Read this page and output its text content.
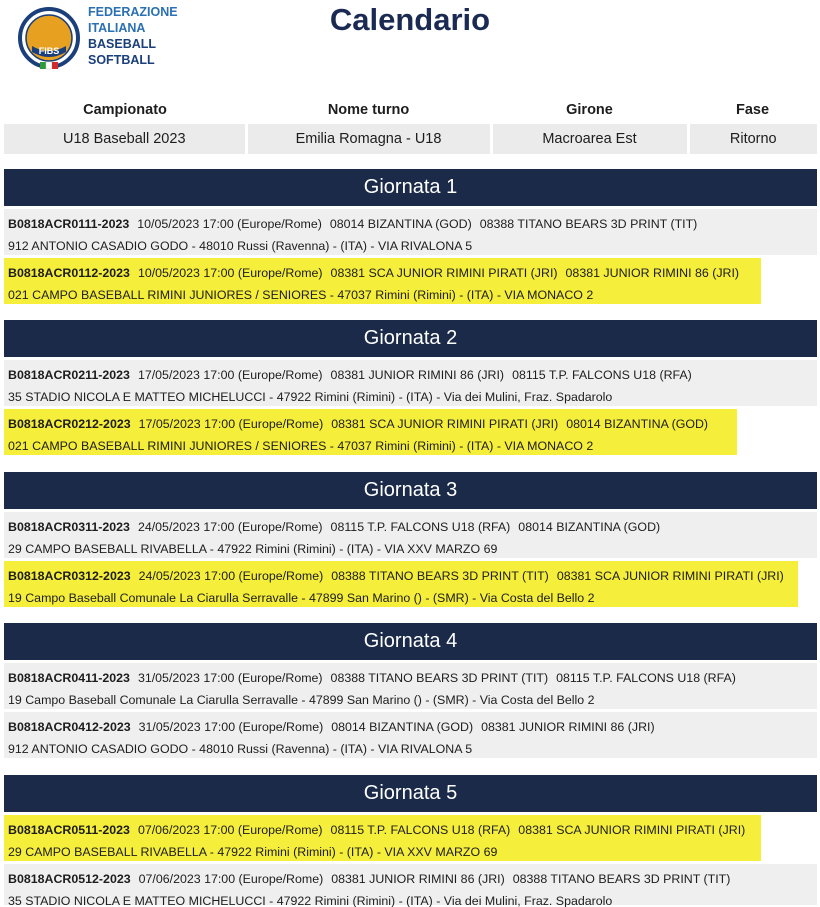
FIBS
FEDERAZIONE
ITALIANA
BASEBALL
SOFTBALL
Calendario
Campionato	Nome turno	Girone	Fase
U18 Baseball 2023	Emilia Romagna - U18	Macroarea Est	Ritorno
Giornata 1
B0818ACR0111-2023 10/05/2023 17:00 (Europe/Rome) 08014 BIZANTINA (GOD) 08388 TITANO BEARS 3D PRINT (TIT)
912 ANTONIO CASADIO GODO - 48010 Russi (Ravenna) - (ITA) - VIA RIVALONA 5
B0818ACR0112-2023 10/05/2023 17:00 (Europe/Rome) 08381 SCA JUNIOR RIMINI PIRATI (JRI) 08381 JUNIOR RIMINI 86 (JRI)
021 CAMPO BASEBALL RIMINI JUNIORES / SENIORES - 47037 Rimini (Rimini) - (ITA) - VIA MONACO 2
Giornata 2
B0818ACR0211-2023 17/05/2023 17:00 (Europe/Rome) 08381 JUNIOR RIMINI 86 (JRI) 08115 T.P. FALCONS U18 (RFA)
35 STADIO NICOLA E MATTEO MICHELUCCI - 47922 Rimini (Rimini) - (ITA) - Via dei Mulini, Fraz. Spadarolo
B0818ACR0212-2023 17/05/2023 17:00 (Europe/Rome) 08381 SCA JUNIOR RIMINI PIRATI (JRI) 08014 BIZANTINA (GOD)
021 CAMPO BASEBALL RIMINI JUNIORES / SENIORES - 47037 Rimini (Rimini) - (ITA) - VIA MONACO 2
Giornata 3
B0818ACR0311-2023 24/05/2023 17:00 (Europe/Rome) 08115 T.P. FALCONS U18 (RFA) 08014 BIZANTINA (GOD)
29 CAMPO BASEBALL RIVABELLA - 47922 Rimini (Rimini) - (ITA) - VIA XXV MARZO 69
B0818ACR0312-2023 24/05/2023 17:00 (Europe/Rome) 08388 TITANO BEARS 3D PRINT (TIT) 08381 SCA JUNIOR RIMINI PIRATI (JRI)
19 Campo Baseball Comunale La Ciarulla Serravalle - 47899 San Marino () - (SMR) - Via Costa del Bello 2
Giornata 4
B0818ACR0411-2023 31/05/2023 17:00 (Europe/Rome) 08388 TITANO BEARS 3D PRINT (TIT) 08115 T.P. FALCONS U18 (RFA)
19 Campo Baseball Comunale La Ciarulla Serravalle - 47899 San Marino () - (SMR) - Via Costa del Bello 2
B0818ACR0412-2023 31/05/2023 17:00 (Europe/Rome) 08014 BIZANTINA (GOD) 08381 JUNIOR RIMINI 86 (JRI)
912 ANTONIO CASADIO GODO - 48010 Russi (Ravenna) - (ITA) - VIA RIVALONA 5
Giornata 5
B0818ACR0511-2023 07/06/2023 17:00 (Europe/Rome) 08115 T.P. FALCONS U18 (RFA) 08381 SCA JUNIOR RIMINI PIRATI (JRI)
29 CAMPO BASEBALL RIVABELLA - 47922 Rimini (Rimini) - (ITA) - VIA XXV MARZO 69
B0818ACR0512-2023 07/06/2023 17:00 (Europe/Rome) 08381 JUNIOR RIMINI 86 (JRI) 08388 TITANO BEARS 3D PRINT (TIT)
35 STADIO NICOLA E MATTEO MICHELUCCI - 47922 Rimini (Rimini) - (ITA) - Via dei Mulini, Fraz. Spadarolo
